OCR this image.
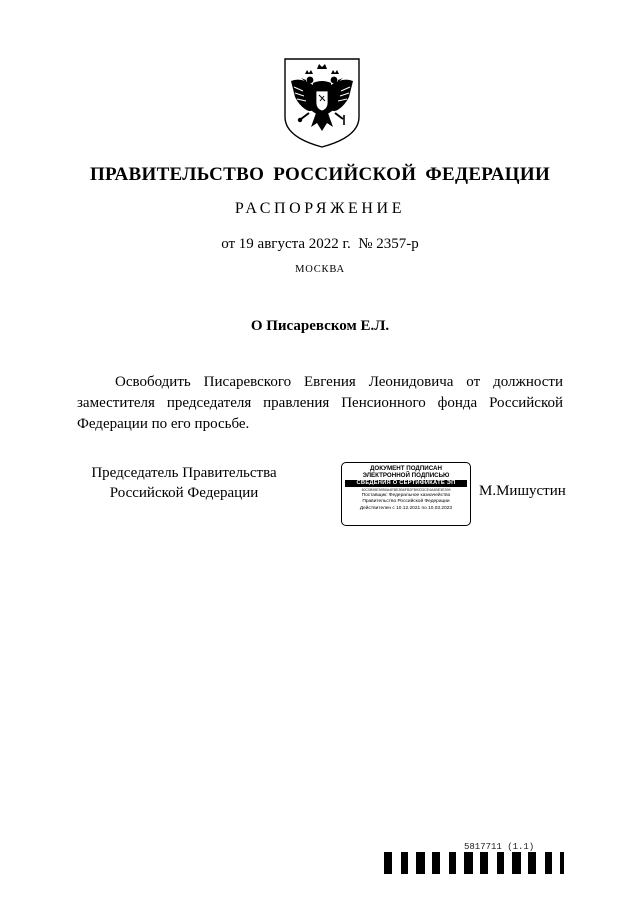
ПРАВИТЕЛЬСТВО РОССИЙСКОЙ ФЕДЕРАЦИИ
РАСПОРЯЖЕНИЕ
от 19 августа 2022 г.  № 2357-р
МОСКВА
О Писаревском Е.Л.
Освободить Писаревского Евгения Леонидовича от должности заместителя председателя правления Пенсионного фонда Российской Федерации по его просьбе.
Председатель Правительства
Российской Федерации
ДОКУМЕНТ ПОДПИСАН
ЭЛЕКТРОННОЙ ПОДПИСЬЮ
СВЕДЕНИЯ О СЕРТИФИКАТЕ ЭП
40C0B95E5950A4EBE3B6FB2FB9333CE4A4BE3E399
Поставщик: Федеральное казначейство
Правительство Российской Федерации
Действителен с 10.12.2021 по 10.03.2023
М.Мишустин
5817711 (1.1)
